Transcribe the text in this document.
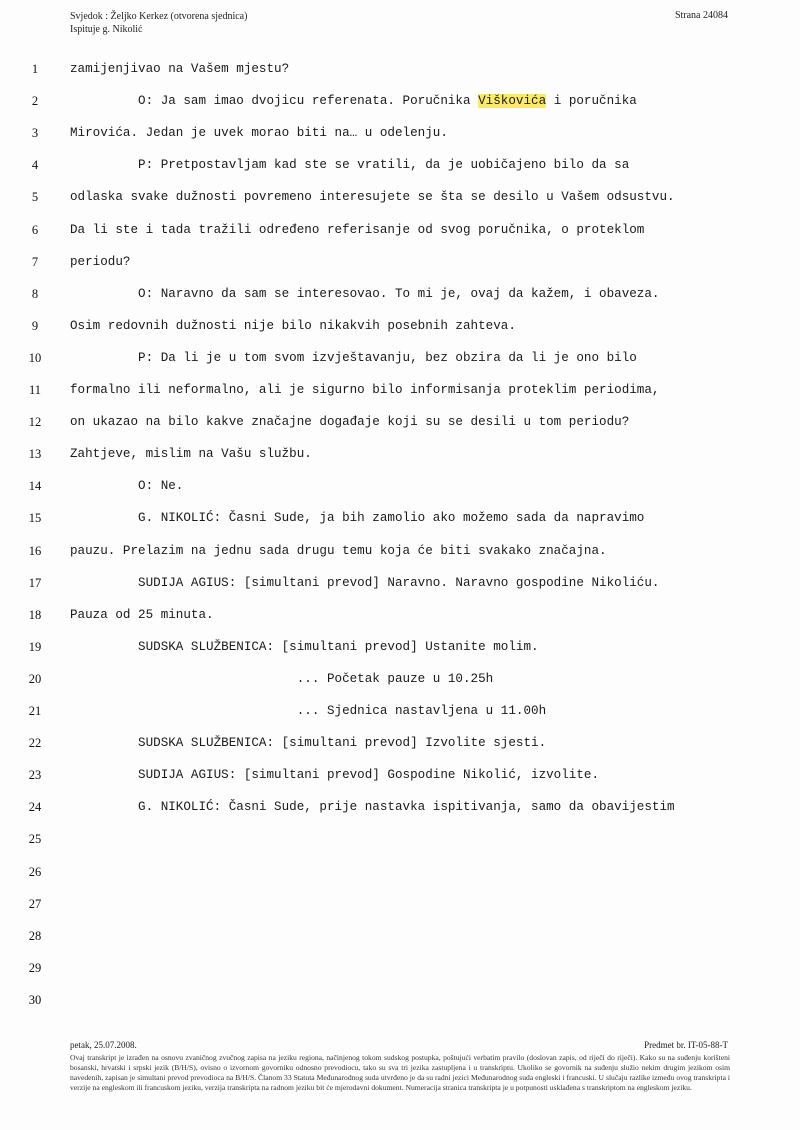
Svjedok : Željko Kerkez (otvorena sjednica)
Ispituje g. Nikolić
Strana 24084
1	zamijenjivao na Vašem mjestu?
2	O: Ja sam imao dvojicu referenata. Poručnika Viškovića i poručnika
3	Mirovića. Jedan je uvek morao biti na… u odelenju.
4	P: Pretpostavljam kad ste se vratili, da je uobičajeno bilo da sa
5	odlaska svake dužnosti povremeno interesujete se šta se desilo u Vašem odsustvu.
6	Da li ste i tada tražili određeno referisanje od svog poručnika, o proteklom
7	periodu?
8	O: Naravno da sam se interesovao. To mi je, ovaj da kažem, i obaveza.
9	Osim redovnih dužnosti nije bilo nikakvih posebnih zahteva.
10	P: Da li je u tom svom izvještavanju, bez obzira da li je ono bilo
11	formalno ili neformalno, ali je sigurno bilo informisanja proteklim periodima,
12	on ukazao na bilo kakve značajne događaje koji su se desili u tom periodu?
13	Zahtjeve, mislim na Vašu službu.
14	O: Ne.
15	G. NIKOLIĆ: Časni Sude, ja bih zamolio ako možemo sada da napravimo
16	pauzu. Prelazim na jednu sada drugu temu koja će biti svakako značajna.
17	SUDIJA AGIUS: [simultani prevod] Naravno. Naravno gospodine Nikoliću.
18	Pauza od 25 minuta.
19	SUDSKA SLUŽBENICA: [simultani prevod] Ustanite molim.
20	... Početak pauze u 10.25h
21	... Sjednica nastavljena u 11.00h
22	SUDSKA SLUŽBENICA: [simultani prevod] Izvolite sjesti.
23	SUDIJA AGIUS: [simultani prevod] Gospodine Nikolić, izvolite.
24	G. NIKOLIĆ: Časni Sude, prije nastavka ispitivanja, samo da obavijestim
25
26
27
28
29
30
petak, 25.07.2008.	Predmet br. IT-05-88-T
Ovaj transkript je izrađen na osnovu zvaničnog zvučnog zapisa na jeziku regiona, načinjenog tokom sudskog postupka, poštujući verbatim pravilo (doslovan zapis, od riječi do riječi). Kako su na suđenju korišteni bosanski, hrvatski i srpski jezik (B/H/S), ovisno o izvornom govorniku odnosno prevodiocu, tako su sva tri jezika zastupljena i u transkriptu. Ukoliko se govornik na suđenju služio nekim drugim jezikom osim navedenih, zapisan je simultani prevod prevodioca na B/H/S. Članom 33 Statuta Međunarodnog suda utvrđeno je da su radni jezici Međunarodnog suda engleski i francuski. U slučaju razlike između ovog transkripta i verzije na engleskom ili francuskom jeziku, verzija transkripta na radnom jeziku bit će mjerodavni dokument. Numeracija stranica transkripta je u potpunosti usklađena s transkriptom na engleskom jeziku.
